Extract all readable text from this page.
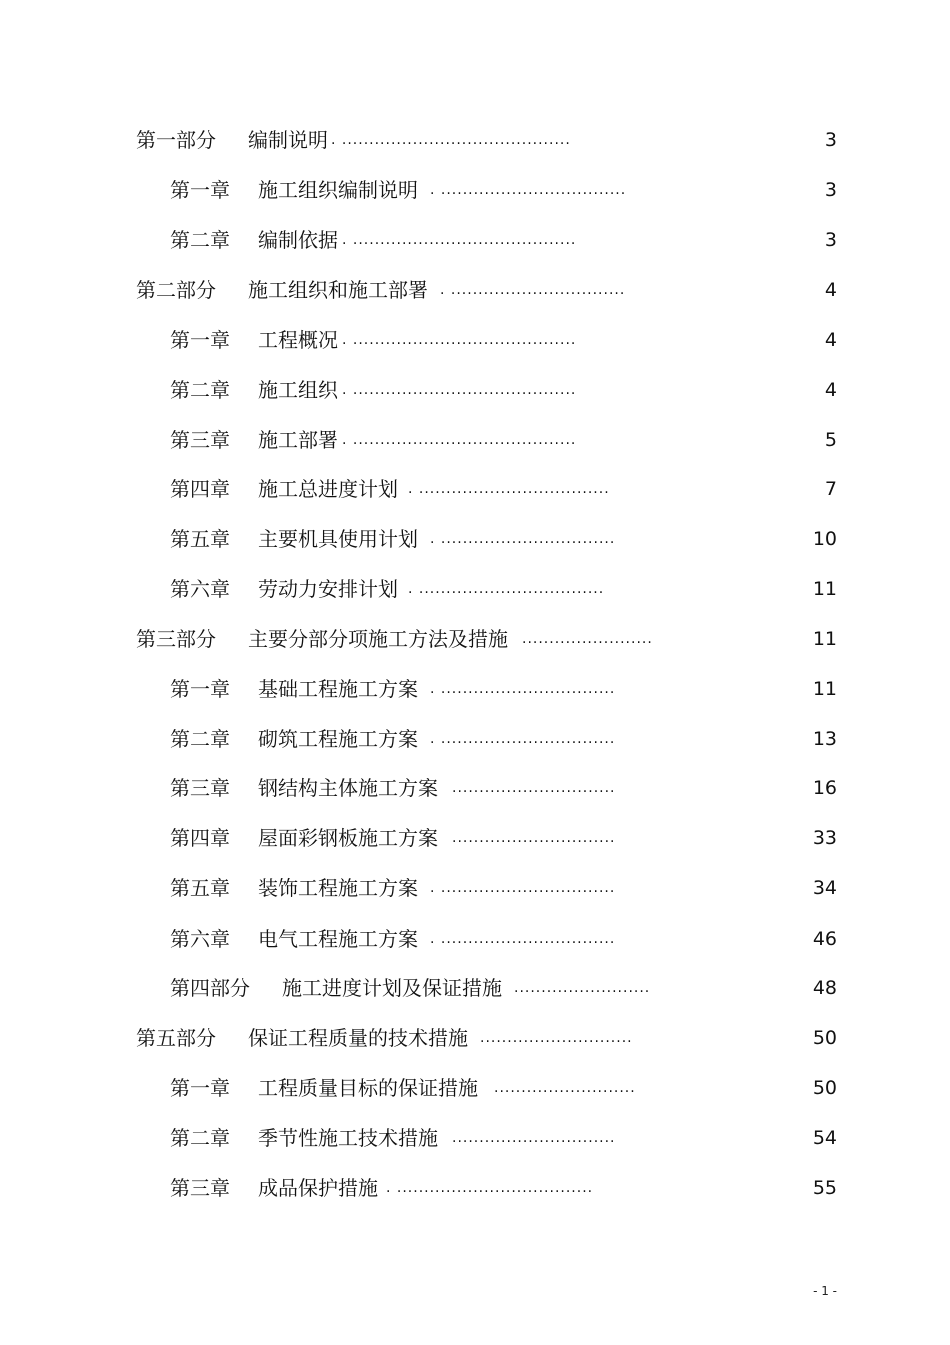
第一部分 编制说明 . ..........................................	3
第一章 施工组织编制说明 . ..................................	3
第二章 编制依据 . .........................................	3
第二部分 施工组织和施工部署 . ................................	4
第一章 工程概况 . .........................................	4
第二章 施工组织 . .........................................	4
第三章 施工部署 . .........................................	5
第四章 施工总进度计划 . ...................................	7
第五章 主要机具使用计划 . ................................	10
第六章 劳动力安排计划 . ..................................	11
第三部分 主要分部分项施工方法及措施 ........................	11
第一章 基础工程施工方案 . ................................	11
第二章 砌筑工程施工方案 . ................................	13
第三章 钢结构主体施工方案 ..............................	16
第四章 屋面彩钢板施工方案 ..............................	33
第五章 装饰工程施工方案 . ................................	34
第六章 电气工程施工方案 . ................................	46
第四部分 施工进度计划及保证措施 .........................	48
第五部分 保证工程质量的技术措施 ............................	50
第一章 工程质量目标的保证措施 ..........................	50
第二章 季节性施工技术措施 ..............................	54
第三章 成品保护措施 . ....................................	55
- 1 -
